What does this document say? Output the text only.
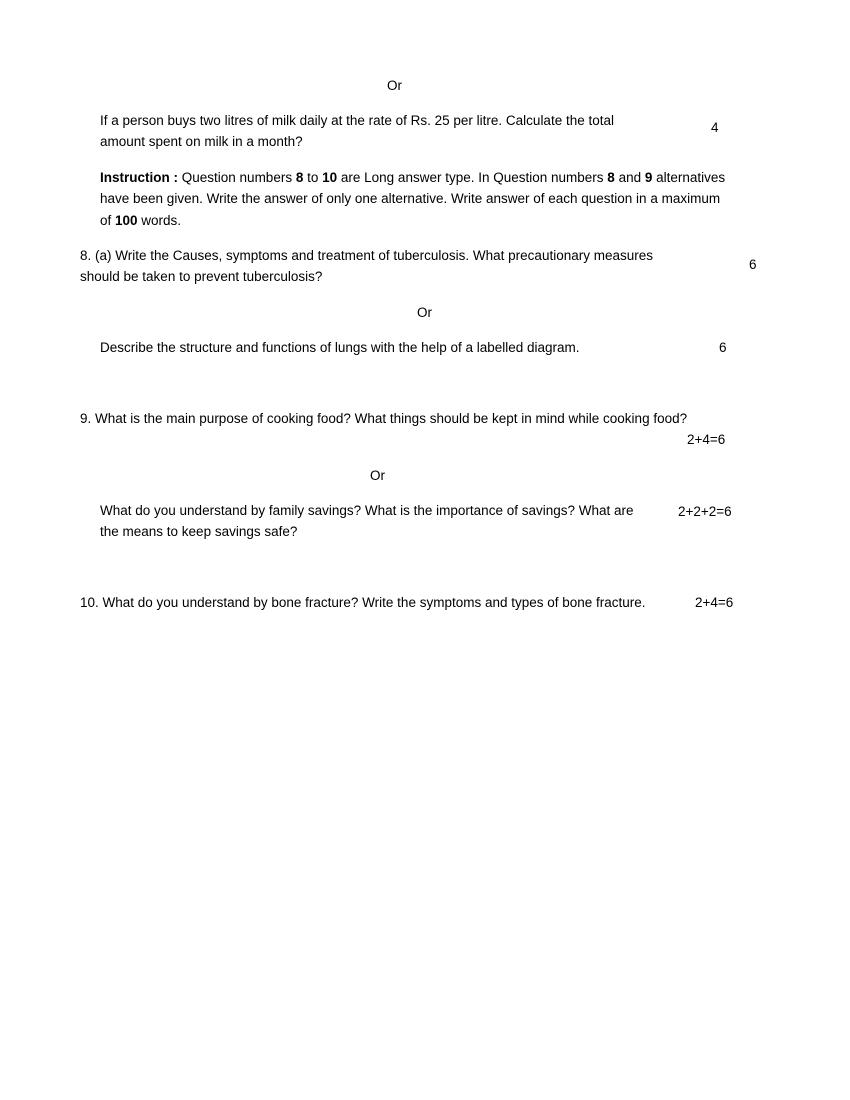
Or
If a person buys two litres of milk daily at the rate of Rs. 25 per litre. Calculate the total
amount spent on milk in a month?
4
Instruction : Question numbers 8 to 10 are Long answer type. In Question numbers 8 and 9 alternatives
have been given. Write the answer of only one alternative. Write answer of each question in a maximum
of 100 words.
8. (a) Write the Causes, symptoms and treatment of tuberculosis. What precautionary measures
should be taken to prevent tuberculosis?
6
Or
Describe the structure and functions of lungs with the help of a labelled diagram.	6
9. What is the main purpose of cooking food? What things should be kept in mind while cooking food?
2+4=6
Or
What do you understand by family savings? What is the importance of savings? What are
the means to keep savings safe?
2+2+2=6
10. What do you understand by bone fracture? Write the symptoms and types of bone fracture.	2+4=6
